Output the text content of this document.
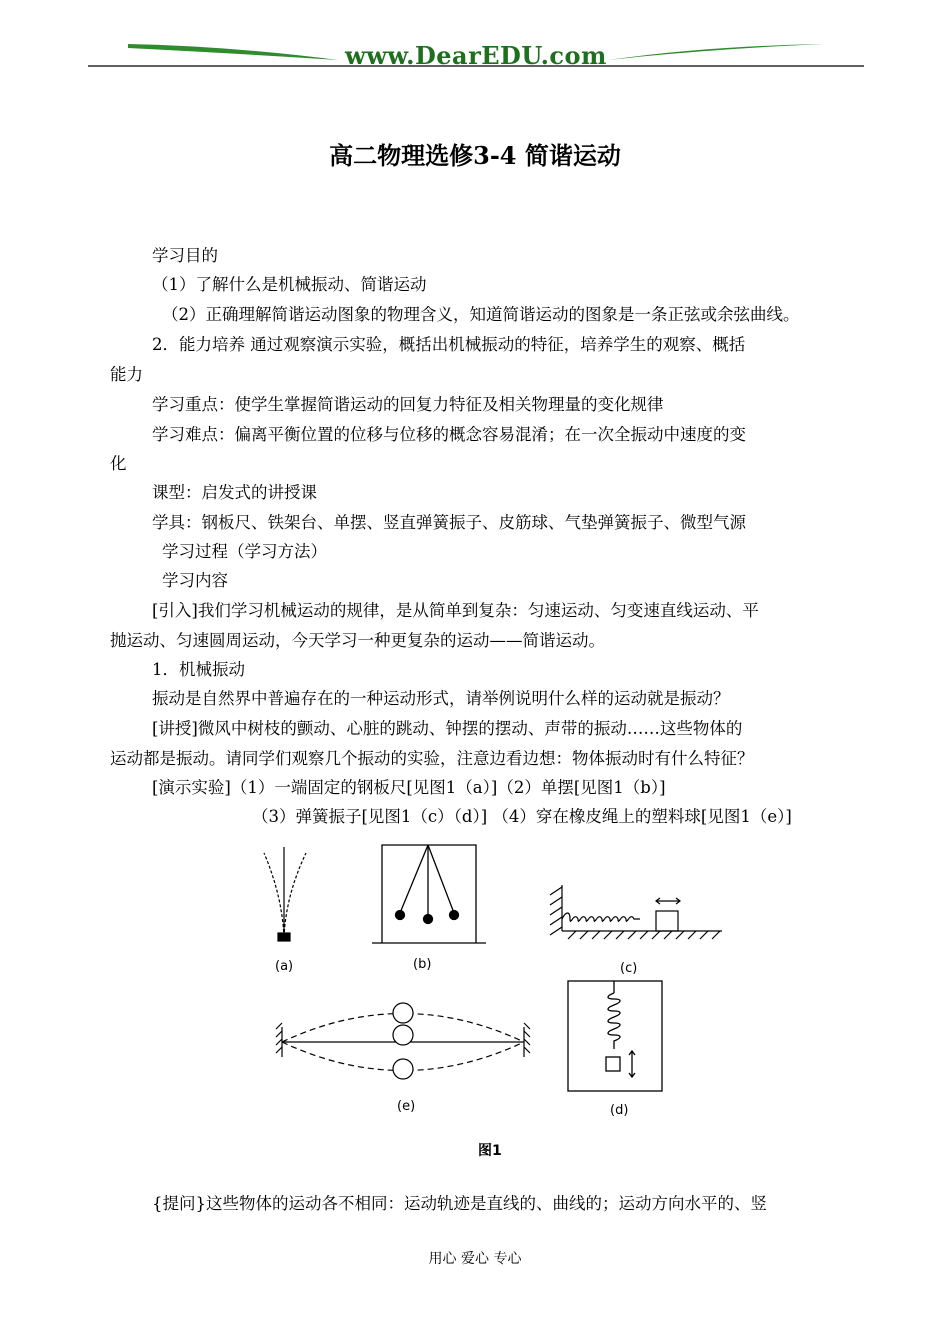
www.DearEDU.com
高二物理选修3-4 简谐运动
学习目的
（1）了解什么是机械振动、简谐运动
（2）正确理解简谐运动图象的物理含义，知道简谐运动的图象是一条正弦或余弦曲线。
2．能力培养 通过观察演示实验，概括出机械振动的特征，培养学生的观察、概括
能力
学习重点：使学生掌握简谐运动的回复力特征及相关物理量的变化规律
学习难点：偏离平衡位置的位移与位移的概念容易混淆；在一次全振动中速度的变
化
课型：启发式的讲授课
学具：钢板尺、铁架台、单摆、竖直弹簧振子、皮筋球、气垫弹簧振子、微型气源
学习过程（学习方法）
学习内容
[引入]我们学习机械运动的规律，是从简单到复杂：匀速运动、匀变速直线运动、平
抛运动、匀速圆周运动，今天学习一种更复杂的运动——简谐运动。
1．机械振动
振动是自然界中普遍存在的一种运动形式，请举例说明什么样的运动就是振动？
[讲授]微风中树枝的颤动、心脏的跳动、钟摆的摆动、声带的振动……这些物体的
运动都是振动。请同学们观察几个振动的实验，注意边看边想：物体振动时有什么特征？
[演示实验]（1）一端固定的钢板尺[见图1（a）]（2）单摆[见图1（b）]
（3）弹簧振子[见图1（c）（d）] （4）穿在橡皮绳上的塑料球[见图1（e）]
(a)	(b)	(c)
(e)	(d)
图1
{提问}这些物体的运动各不相同：运动轨迹是直线的、曲线的；运动方向水平的、竖
用心 爱心 专心
